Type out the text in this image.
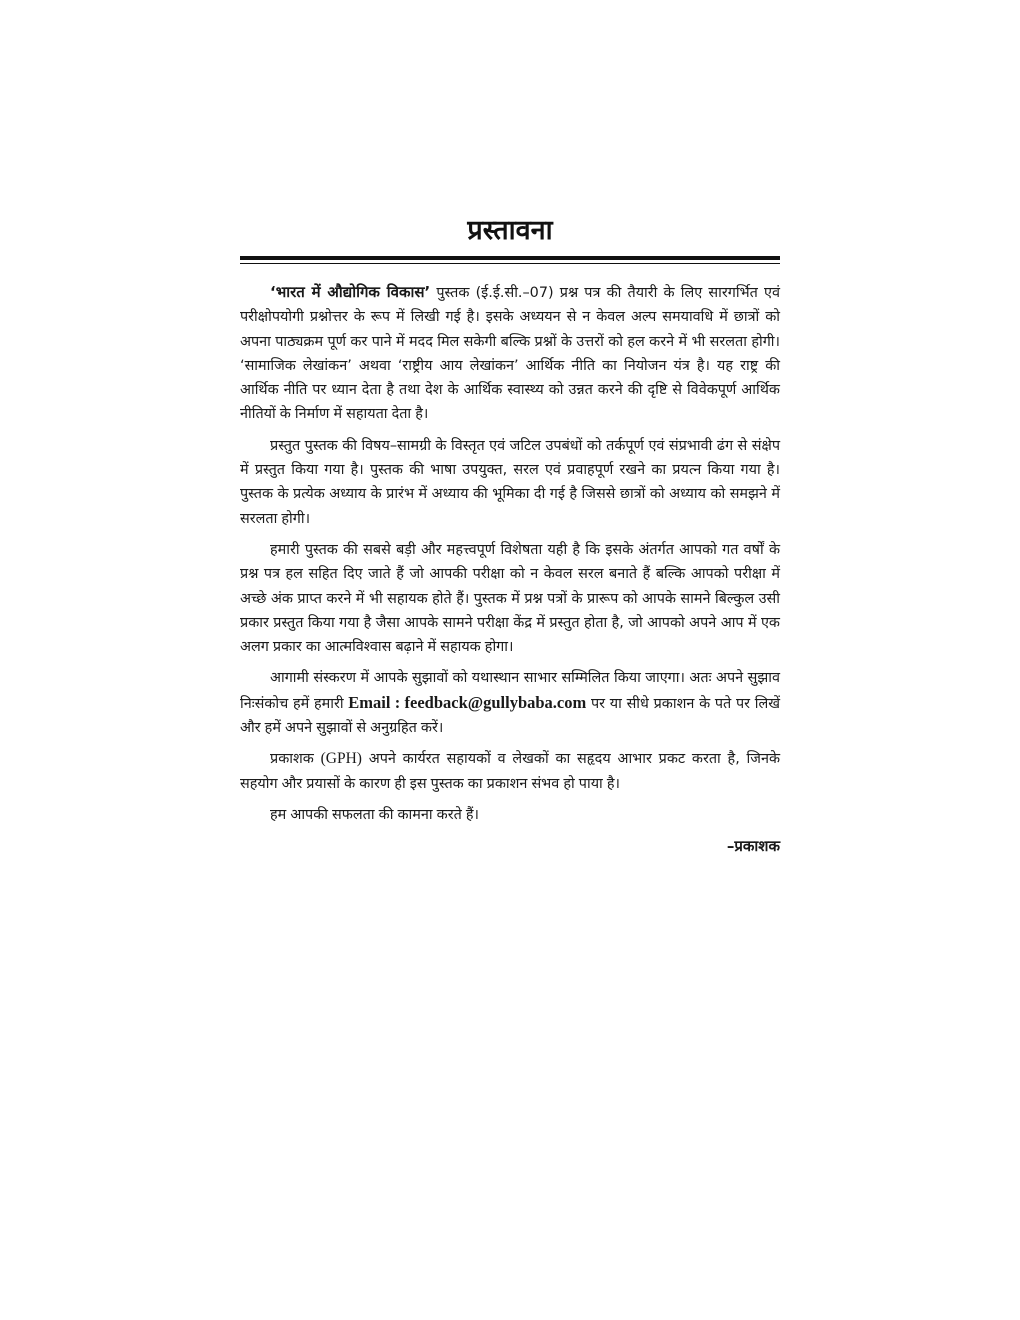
प्रस्तावना

‘भारत में औद्योगिक विकास’ पुस्तक (ई.ई.सी.–07) प्रश्न पत्र की तैयारी के लिए सारगर्भित एवं परीक्षोपयोगी प्रश्नोत्तर के रूप में लिखी गई है। इसके अध्ययन से न केवल अल्प समयावधि में छात्रों को अपना पाठ्यक्रम पूर्ण कर पाने में मदद मिल सकेगी बल्कि प्रश्नों के उत्तरों को हल करने में भी सरलता होगी। ‘सामाजिक लेखांकन’ अथवा ‘राष्ट्रीय आय लेखांकन’ आर्थिक नीति का नियोजन यंत्र है। यह राष्ट्र की आर्थिक नीति पर ध्यान देता है तथा देश के आर्थिक स्वास्थ्य को उन्नत करने की दृष्टि से विवेकपूर्ण आर्थिक नीतियों के निर्माण में सहायता देता है।

प्रस्तुत पुस्तक की विषय–सामग्री के विस्तृत एवं जटिल उपबंधों को तर्कपूर्ण एवं संप्रभावी ढंग से संक्षेप में प्रस्तुत किया गया है। पुस्तक की भाषा उपयुक्त, सरल एवं प्रवाहपूर्ण रखने का प्रयत्न किया गया है। पुस्तक के प्रत्येक अध्याय के प्रारंभ में अध्याय की भूमिका दी गई है जिससे छात्रों को अध्याय को समझने में सरलता होगी।

हमारी पुस्तक की सबसे बड़ी और महत्त्वपूर्ण विशेषता यही है कि इसके अंतर्गत आपको गत वर्षों के प्रश्न पत्र हल सहित दिए जाते हैं जो आपकी परीक्षा को न केवल सरल बनाते हैं बल्कि आपको परीक्षा में अच्छे अंक प्राप्त करने में भी सहायक होते हैं। पुस्तक में प्रश्न पत्रों के प्रारूप को आपके सामने बिल्कुल उसी प्रकार प्रस्तुत किया गया है जैसा आपके सामने परीक्षा केंद्र में प्रस्तुत होता है, जो आपको अपने आप में एक अलग प्रकार का आत्मविश्वास बढ़ाने में सहायक होगा।

आगामी संस्करण में आपके सुझावों को यथास्थान साभार सम्मिलित किया जाएगा। अतः अपने सुझाव निःसंकोच हमें हमारी Email : feedback@gullybaba.com पर या सीधे प्रकाशन के पते पर लिखें और हमें अपने सुझावों से अनुग्रहित करें।

प्रकाशक (GPH) अपने कार्यरत सहायकों व लेखकों का सहृदय आभार प्रकट करता है, जिनके सहयोग और प्रयासों के कारण ही इस पुस्तक का प्रकाशन संभव हो पाया है।

हम आपकी सफलता की कामना करते हैं।

–प्रकाशक
